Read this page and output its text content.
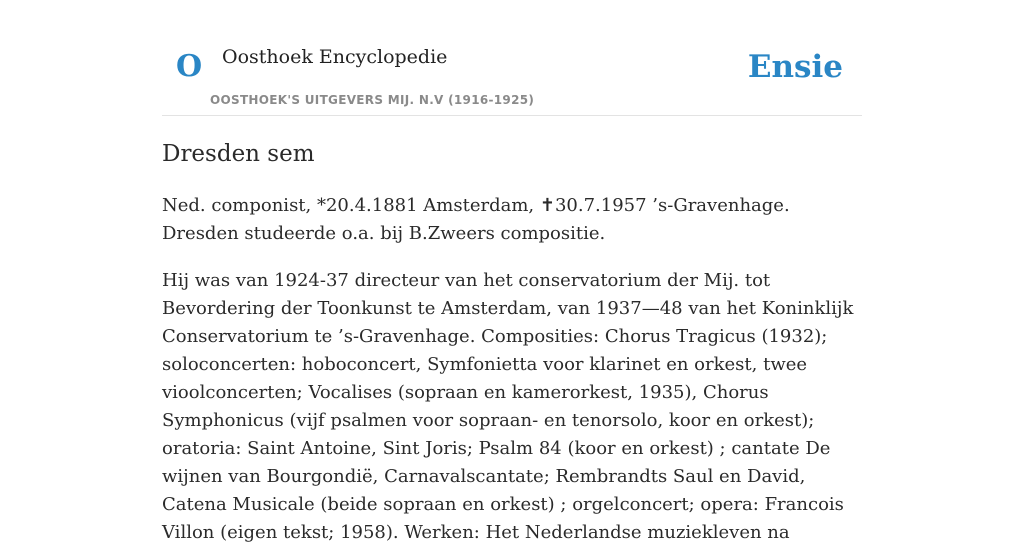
O Oosthoek Encyclopedie
OOSTHOEK'S UITGEVERS MIJ. N.V (1916-1925)
Ensie
Dresden sem

Ned. componist, *20.4.1881 Amsterdam, ✝30.7.1957 ’s-Gravenhage. Dresden studeerde o.a. bij B.Zweers compositie.

Hij was van 1924-37 directeur van het conservatorium der Mij. tot Bevordering der Toonkunst te Amsterdam, van 1937—48 van het Koninklijk Conservatorium te ’s-Gravenhage. Composities: Chorus Tragicus (1932); soloconcerten: hoboconcert, Symfonietta voor klarinet en orkest, twee vioolconcerten; Vocalises (sopraan en kamerorkest, 1935), Chorus Symphonicus (vijf psalmen voor sopraan- en tenorsolo, koor en orkest); oratoria: Saint Antoine, Sint Joris; Psalm 84 (koor en orkest) ; cantate De wijnen van Bourgondië, Carnavalscantate; Rembrandts Saul en David, Catena Musicale (beide sopraan en orkest) ; orgelconcert; opera: Francois Villon (eigen tekst; 1958). Werken: Het Nederlandse muziekleven na
